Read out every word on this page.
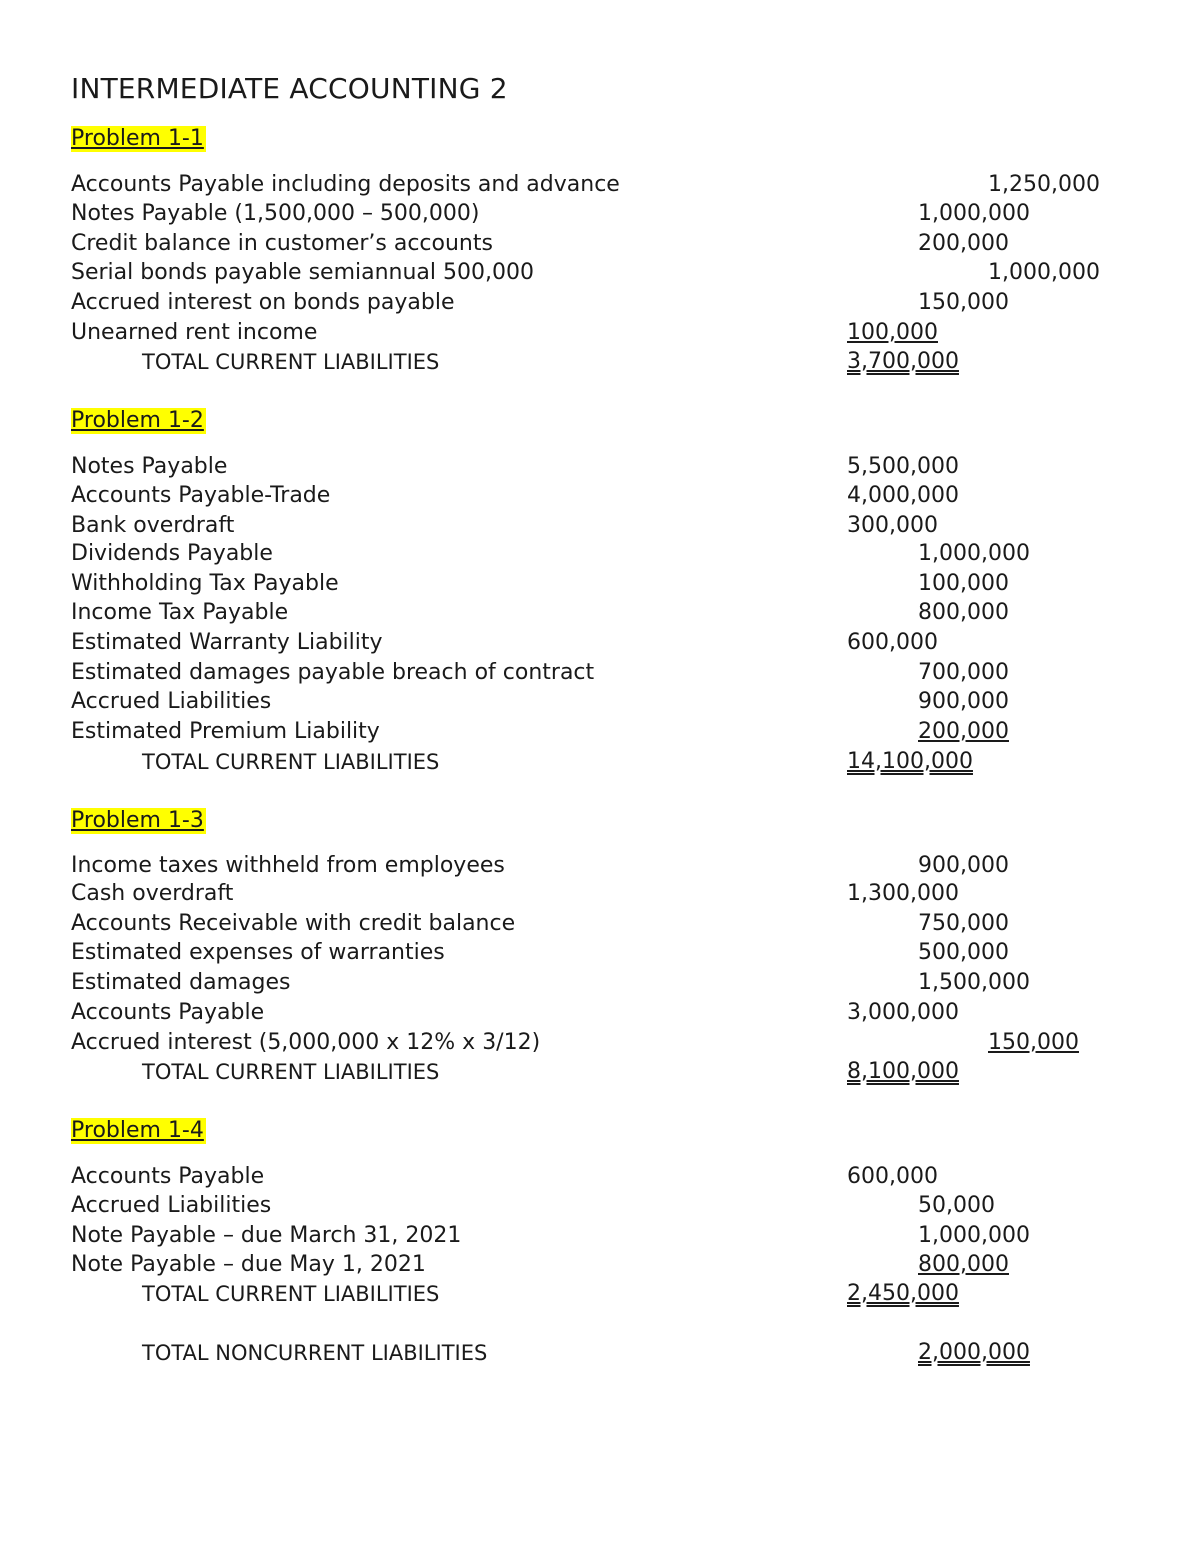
INTERMEDIATE ACCOUNTING 2
Problem 1-1
Accounts Payable including deposits and advance	1,250,000
Notes Payable (1,500,000 – 500,000)	1,000,000
Credit balance in customer’s accounts	200,000
Serial bonds payable semiannual 500,000	1,000,000
Accrued interest on bonds payable	150,000
Unearned rent income	100,000
TOTAL CURRENT LIABILITIES	3,700,000
Problem 1-2
Notes Payable	5,500,000
Accounts Payable-Trade	4,000,000
Bank overdraft	300,000
Dividends Payable	1,000,000
Withholding Tax Payable	100,000
Income Tax Payable	800,000
Estimated Warranty Liability	600,000
Estimated damages payable breach of contract	700,000
Accrued Liabilities	900,000
Estimated Premium Liability	200,000
TOTAL CURRENT LIABILITIES	14,100,000
Problem 1-3
Income taxes withheld from employees	900,000
Cash overdraft	1,300,000
Accounts Receivable with credit balance	750,000
Estimated expenses of warranties	500,000
Estimated damages	1,500,000
Accounts Payable	3,000,000
Accrued interest (5,000,000 x 12% x 3/12)	150,000
TOTAL CURRENT LIABILITIES	8,100,000
Problem 1-4
Accounts Payable	600,000
Accrued Liabilities	50,000
Note Payable – due March 31, 2021	1,000,000
Note Payable – due May 1, 2021	800,000
TOTAL CURRENT LIABILITIES	2,450,000
TOTAL NONCURRENT LIABILITIES	2,000,000
